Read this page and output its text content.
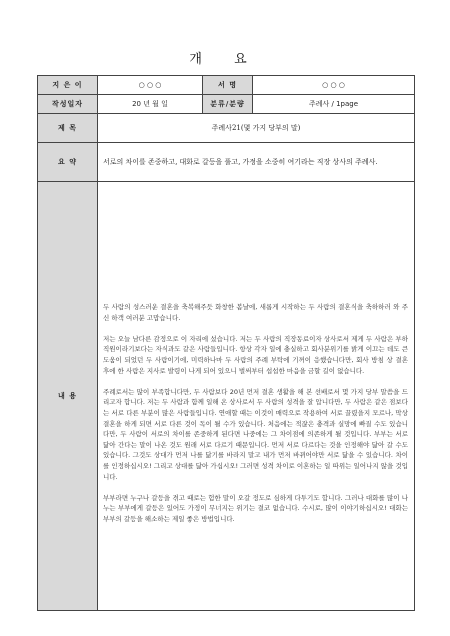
개 요
지 은 이	○ ○ ○	서 명	○ ○ ○
작성일자	20 년 월 일	분류/분량	주례사 / 1page
제 목	주례사21(몇 가지 당부의 말)		
요 약	서로의 차이를 존중하고, 대화로 갈등을 풀고, 가정을 소중히 여기라는 직장 상사의 주례사.		
내 용	두 사람의 성스러운 결혼을 축복해주듯 화창한 봄날에, 새롭게 시작하는 두 사람의 결혼식을 축하하러 와 주신 하객 여러분 고맙습니다.

저는 오늘 남다른 감정으로 이 자리에 섰습니다. 저는 두 사람의 직장동료이자 상사로서 제게 두 사람은 부하직원이라기보다는 자식과도 같은 사람들입니다. 항상 각자 일에 충실하고 회사분위기를 밝게 이끄는 데도 큰 도움이 되었던 두 사람이기에, 미력하나마 두 사람의 주례 부탁에 기꺼이 응했습니다만, 회사 방침 상 결혼 후에 한 사람은 지사로 발령이 나게 되어 있으니 벌써부터 섭섭한 마음을 금할 길이 없습니다.

주례로서는 많이 부족합니다만, 두 사람보다 20년 먼저 결혼 생활을 해 본 선배로서 몇 가지 당부 말씀을 드리고자 합니다. 저는 두 사람과 함께 일해 온 상사로서 두 사람의 성격을 잘 압니다만, 두 사람은 같은 점보다는 서로 다른 부분이 많은 사람들입니다. 연애할 때는 이것이 매력으로 작용하여 서로 끌렸을지 모르나, 막상 결혼을 하게 되면 서로 다른 것이 독이 될 수가 있습니다. 처음에는 적잖은 충격과 실망에 빠질 수도 있습니다만, 두 사람이 서로의 차이를 존중하게 된다면 나중에는 그 차이점에 의존하게 될 것입니다. 부부는 서로 닮아 간다는 말이 나온 것도 원래 서로 다르기 때문입니다. 먼저 서로 다르다는 것을 인정해야 닮아 갈 수도 있습니다. 그것도 상대가 먼저 나를 닮기를 바라지 말고 내가 먼저 바뀌어야만 서로 닮을 수 있습니다. 차이를 인정하십시오! 그리고 상대를 닮아 가십시오! 그러면 성격 차이로 이혼하는 일 따위는 일어나지 않을 것입니다.

부부라면 누구나 갈등을 겪고 때로는 험한 말이 오갈 정도로 심하게 다투기도 합니다. 그러나 대화를 많이 나누는 부부에게 갈등은 있어도 가정이 무너지는 위기는 결코 없습니다. 수시로, 많이 이야기하십시오! 대화는 부부의 갈등을 해소하는 제일 좋은 방법입니다.		
